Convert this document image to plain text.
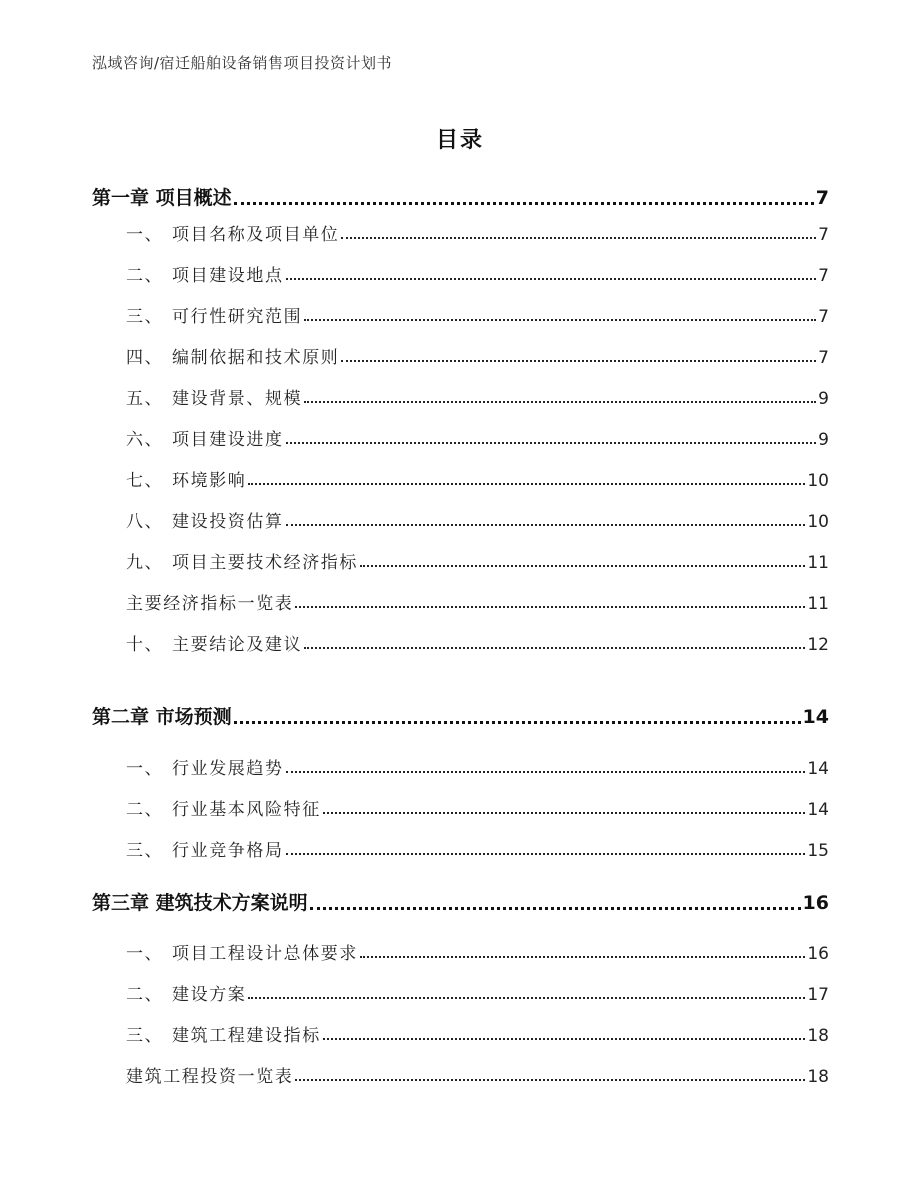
泓域咨询/宿迁船舶设备销售项目投资计划书
目录
第一章 项目概述	7
一、 项目名称及项目单位	7
二、 项目建设地点	7
三、 可行性研究范围	7
四、 编制依据和技术原则	7
五、 建设背景、规模	9
六、 项目建设进度	9
七、 环境影响	10
八、 建设投资估算	10
九、 项目主要技术经济指标	11
主要经济指标一览表	11
十、 主要结论及建议	12
第二章 市场预测	14
一、 行业发展趋势	14
二、 行业基本风险特征	14
三、 行业竞争格局	15
第三章 建筑技术方案说明	16
一、 项目工程设计总体要求	16
二、 建设方案	17
三、 建筑工程建设指标	18
建筑工程投资一览表	18
